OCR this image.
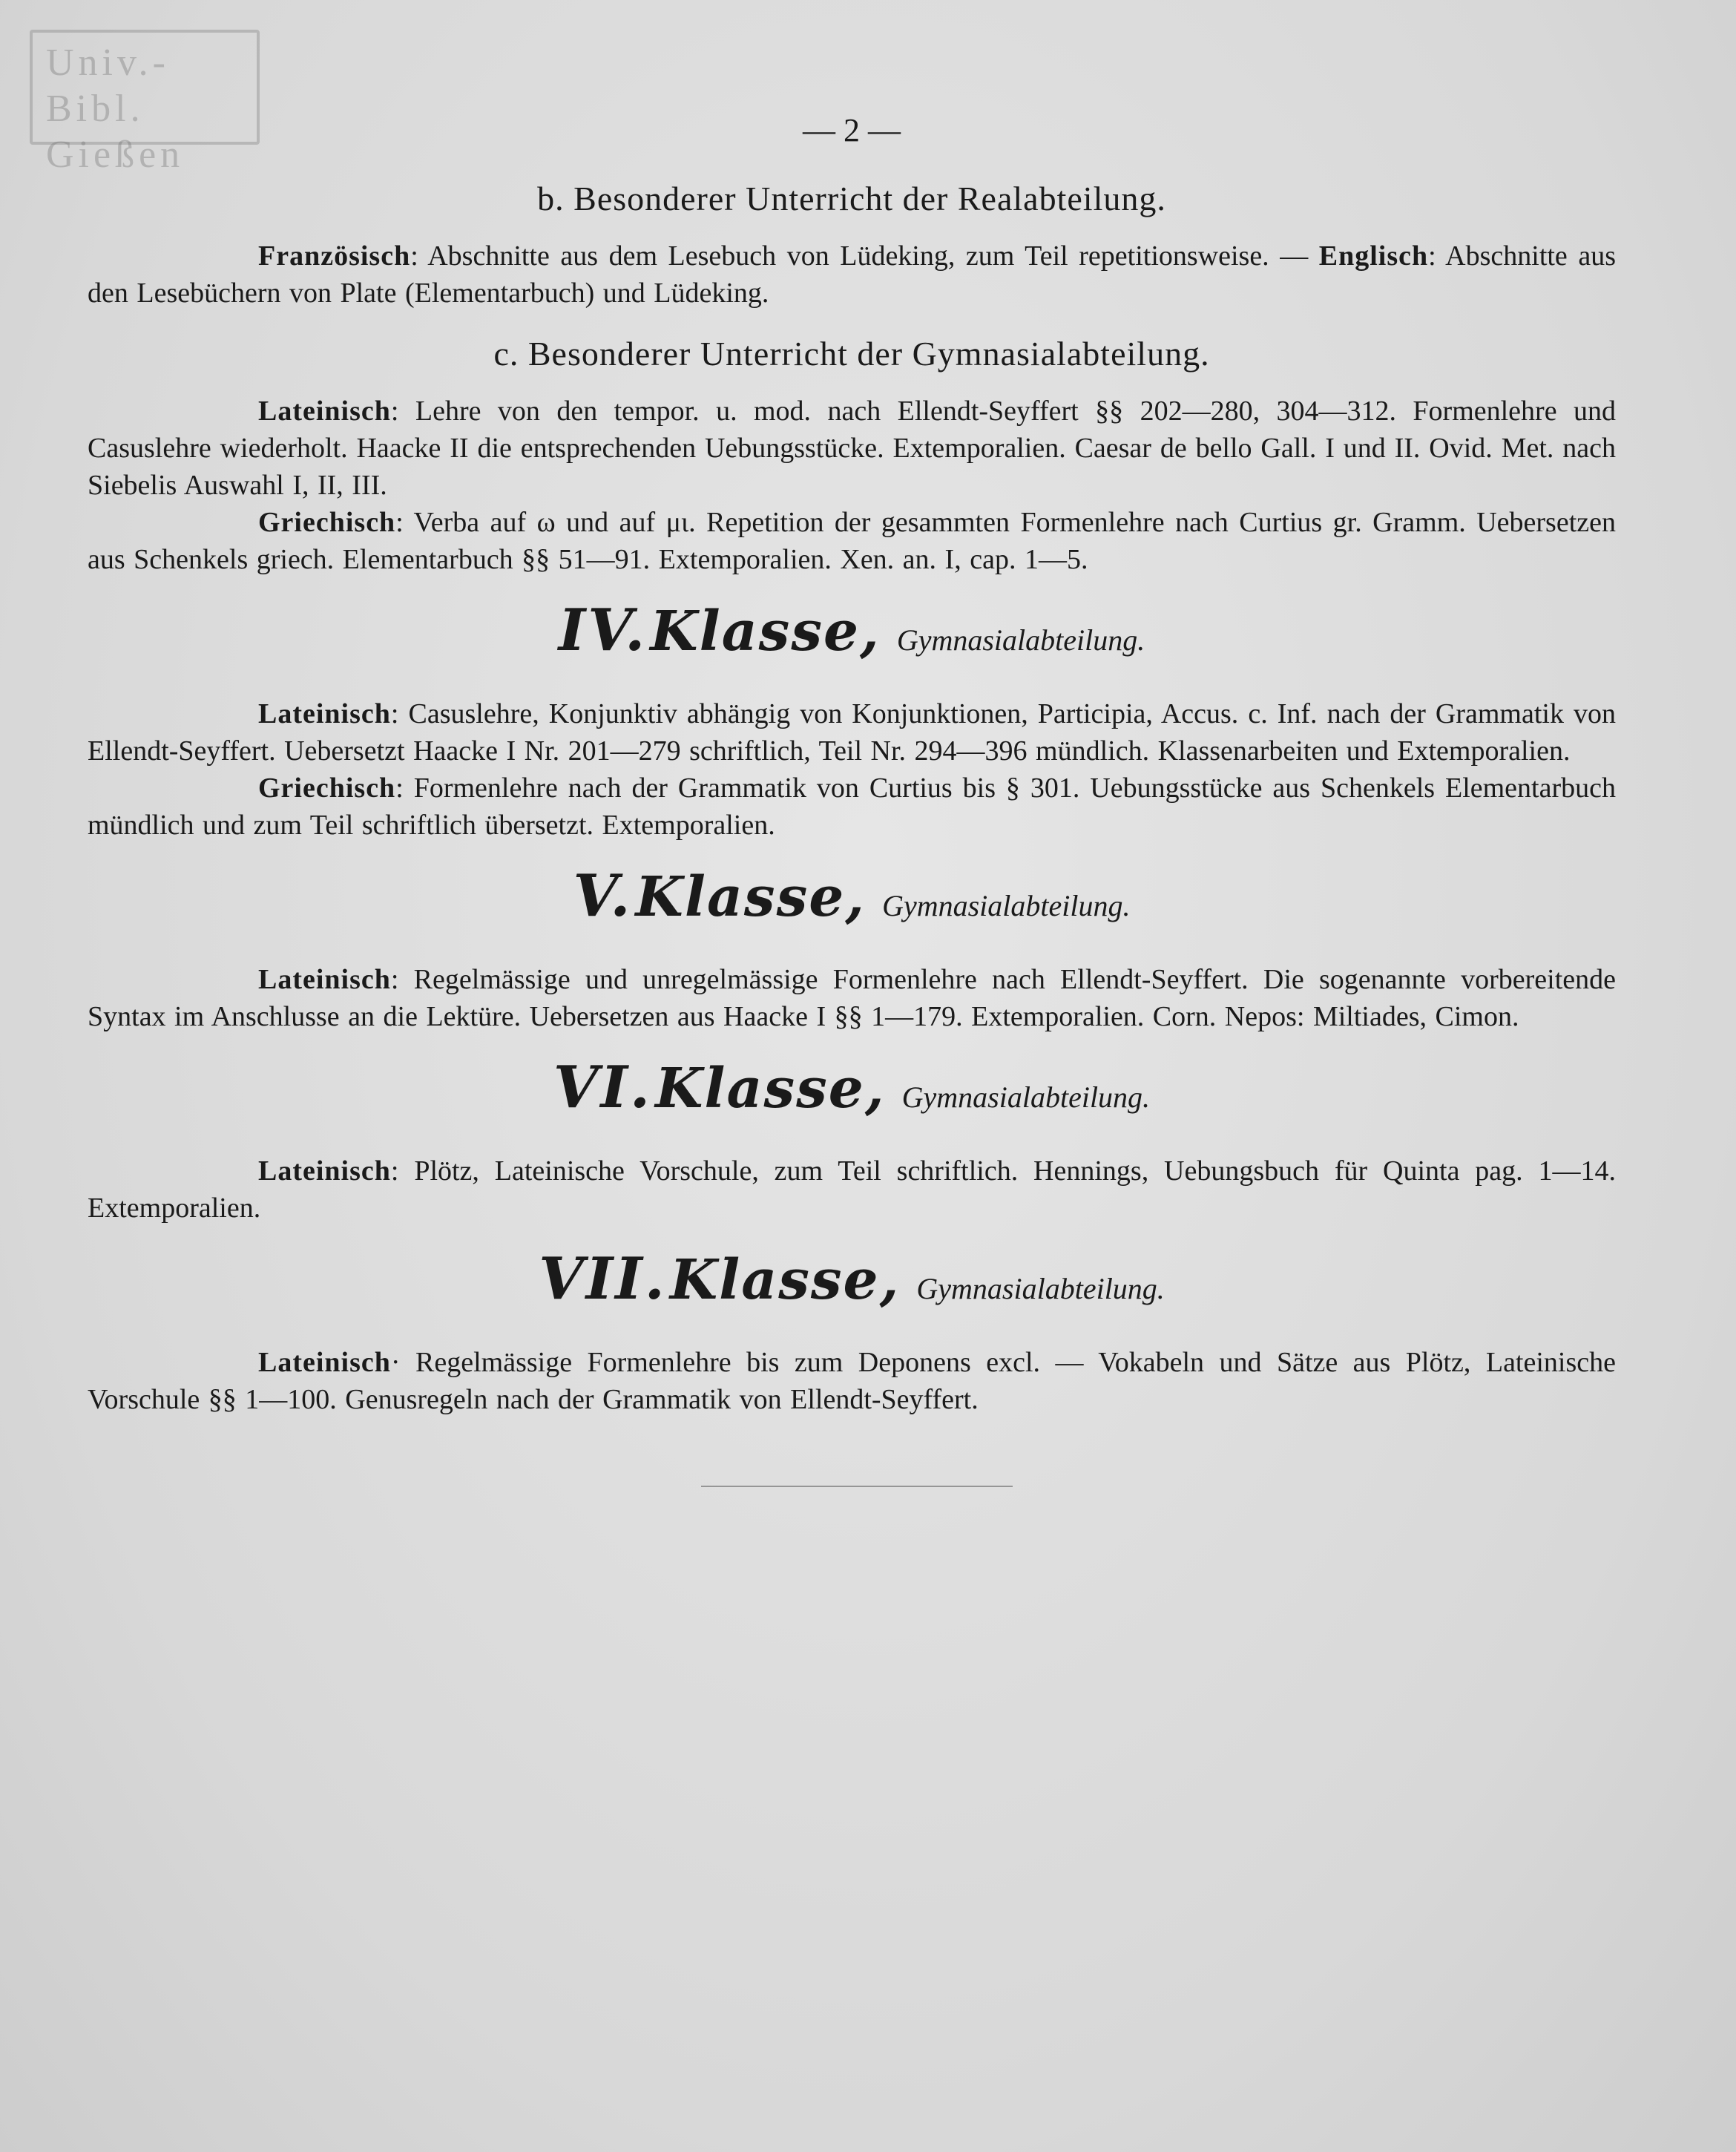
Univ.-Bibl.
Gießen
— 2 —
b. Besonderer Unterricht der Realabteilung.

Französisch: Abschnitte aus dem Lesebuch von Lüdeking, zum Teil repetitionsweise. — Englisch: Abschnitte aus den Lesebüchern von Plate (Elementarbuch) und Lüdeking.

c. Besonderer Unterricht der Gymnasialabteilung.

Lateinisch: Lehre von den tempor. u. mod. nach Ellendt-Seyffert §§ 202—280, 304—312. Formenlehre und Casuslehre wiederholt. Haacke II die entsprechenden Uebungsstücke. Extemporalien. Caesar de bello Gall. I und II. Ovid. Met. nach Siebelis Auswahl I, II, III.

Griechisch: Verba auf ω und auf μι. Repetition der gesammten Formenlehre nach Curtius gr. Gramm. Uebersetzen aus Schenkels griech. Elementarbuch §§ 51—91. Extemporalien. Xen. an. I, cap. 1—5.

IV. Klasse, Gymnasialabteilung.

Lateinisch: Casuslehre, Konjunktiv abhängig von Konjunktionen, Participia, Accus. c. Inf. nach der Grammatik von Ellendt-Seyffert. Uebersetzt Haacke I Nr. 201—279 schriftlich, Teil Nr. 294—396 mündlich. Klassenarbeiten und Extemporalien.

Griechisch: Formenlehre nach der Grammatik von Curtius bis § 301. Uebungsstücke aus Schenkels Elementarbuch mündlich und zum Teil schriftlich übersetzt. Extemporalien.

V. Klasse, Gymnasialabteilung.

Lateinisch: Regelmässige und unregelmässige Formenlehre nach Ellendt-Seyffert. Die sogenannte vorbereitende Syntax im Anschlusse an die Lektüre. Uebersetzen aus Haacke I §§ 1—179. Extemporalien. Corn. Nepos: Miltiades, Cimon.

VI. Klasse, Gymnasialabteilung.

Lateinisch: Plötz, Lateinische Vorschule, zum Teil schriftlich. Hennings, Uebungsbuch für Quinta pag. 1—14. Extemporalien.

VII. Klasse, Gymnasialabteilung.

Lateinisch· Regelmässige Formenlehre bis zum Deponens excl. — Vokabeln und Sätze aus Plötz, Lateinische Vorschule §§ 1—100. Genusregeln nach der Grammatik von Ellendt-Seyffert.
